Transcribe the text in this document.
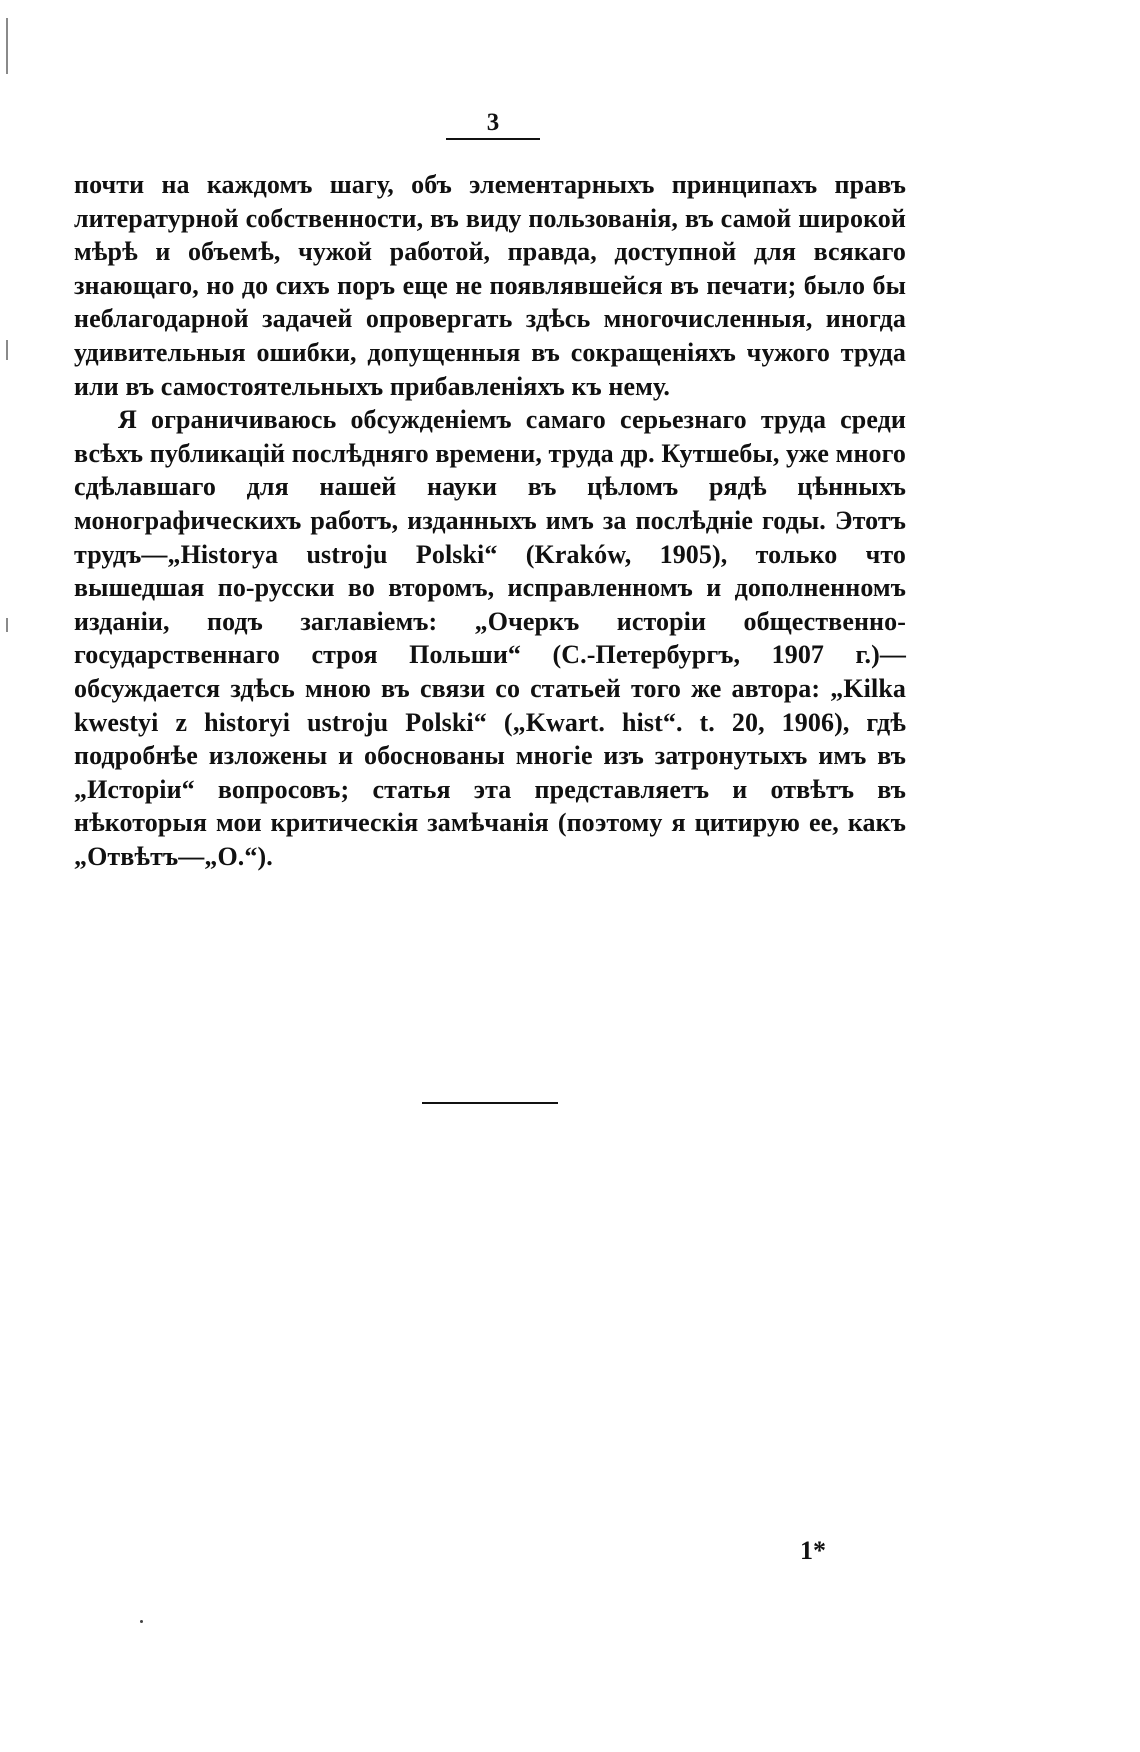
3

почти на каждомъ шагу, объ элементарныхъ принципахъ правъ литературной собственности, въ виду пользованія, въ самой широкой мѣрѣ и объемѣ, чужой работой, правда, доступной для всякаго знающаго, но до сихъ поръ еще не появлявшейся въ печати; было бы неблагодарной задачей опровергать здѣсь многочисленныя, иногда удивительныя ошибки, допущенныя въ сокращеніяхъ чужого труда или въ самостоятельныхъ прибавленіяхъ къ нему.

Я ограничиваюсь обсужденіемъ самаго серьезнаго труда среди всѣхъ публикацій послѣдняго времени, труда др. Кутшебы, уже много сдѣлавшаго для нашей науки въ цѣломъ рядѣ цѣнныхъ монографическихъ работъ, изданныхъ имъ за послѣдніе годы. Этотъ трудъ—„Historya ustroju Polski“ (Kraków, 1905), только что вышедшая по-русски во второмъ, исправленномъ и дополненномъ изданіи, подъ заглавіемъ: „Очеркъ исторіи общественно-государственнаго строя Польши“ (С.-Петербургъ, 1907 г.)—обсуждается здѣсь мною въ связи со статьей того же автора: „Kilka kwestyi z historyi ustroju Polski“ („Kwart. hist“. t. 20, 1906), гдѣ подробнѣе изложены и обоснованы многіе изъ затронутыхъ имъ въ „Исторіи“ вопросовъ; статья эта представляетъ и отвѣтъ въ нѣкоторыя мои критическія замѣчанія (поэтому я цитирую ее, какъ „Отвѣтъ—„О.“).

1*
